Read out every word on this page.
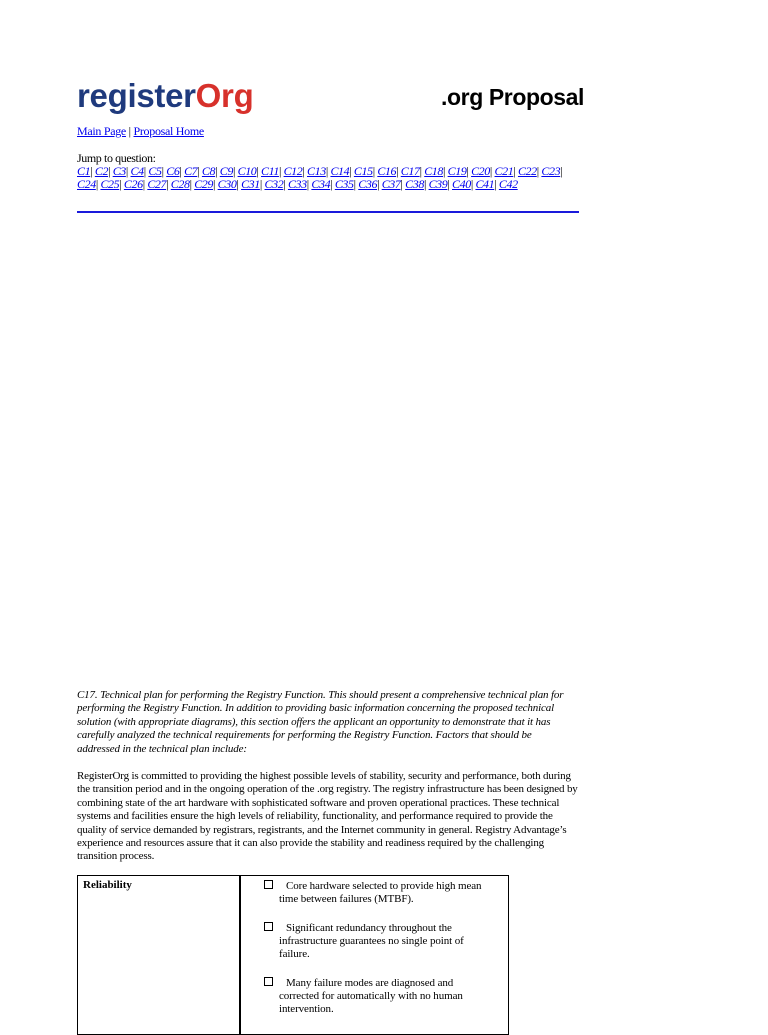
registerOrg	.org Proposal
Main Page | Proposal Home
Jump to question:
C1| C2| C3| C4| C5| C6| C7| C8| C9| C10| C11| C12| C13| C14| C15| C16| C17| C18| C19| C20| C21| C22| C23| C24| C25| C26| C27| C28| C29| C30| C31| C32| C33| C34| C35| C36| C37| C38| C39| C40| C41| C42

C17. Technical plan for performing the Registry Function. This should present a comprehensive technical plan for performing the Registry Function. In addition to providing basic information concerning the proposed technical solution (with appropriate diagrams), this section offers the applicant an opportunity to demonstrate that it has carefully analyzed the technical requirements for performing the Registry Function. Factors that should be addressed in the technical plan include:

RegisterOrg is committed to providing the highest possible levels of stability, security and performance, both during the transition period and in the ongoing operation of the .org registry. The registry infrastructure has been designed by combining state of the art hardware with sophisticated software and proven operational practices. These technical systems and facilities ensure the high levels of reliability, functionality, and performance required to provide the quality of service demanded by registrars, registrants, and the Internet community in general. Registry Advantage’s experience and resources assure that it can also provide the stability and readiness required by the challenging transition process.

Reliability	Core hardware selected to provide high mean
time between failures (MTBF).
Significant redundancy throughout the
infrastructure guarantees no single point of failure.
Many failure modes are diagnosed and
corrected for automatically with no human intervention.
